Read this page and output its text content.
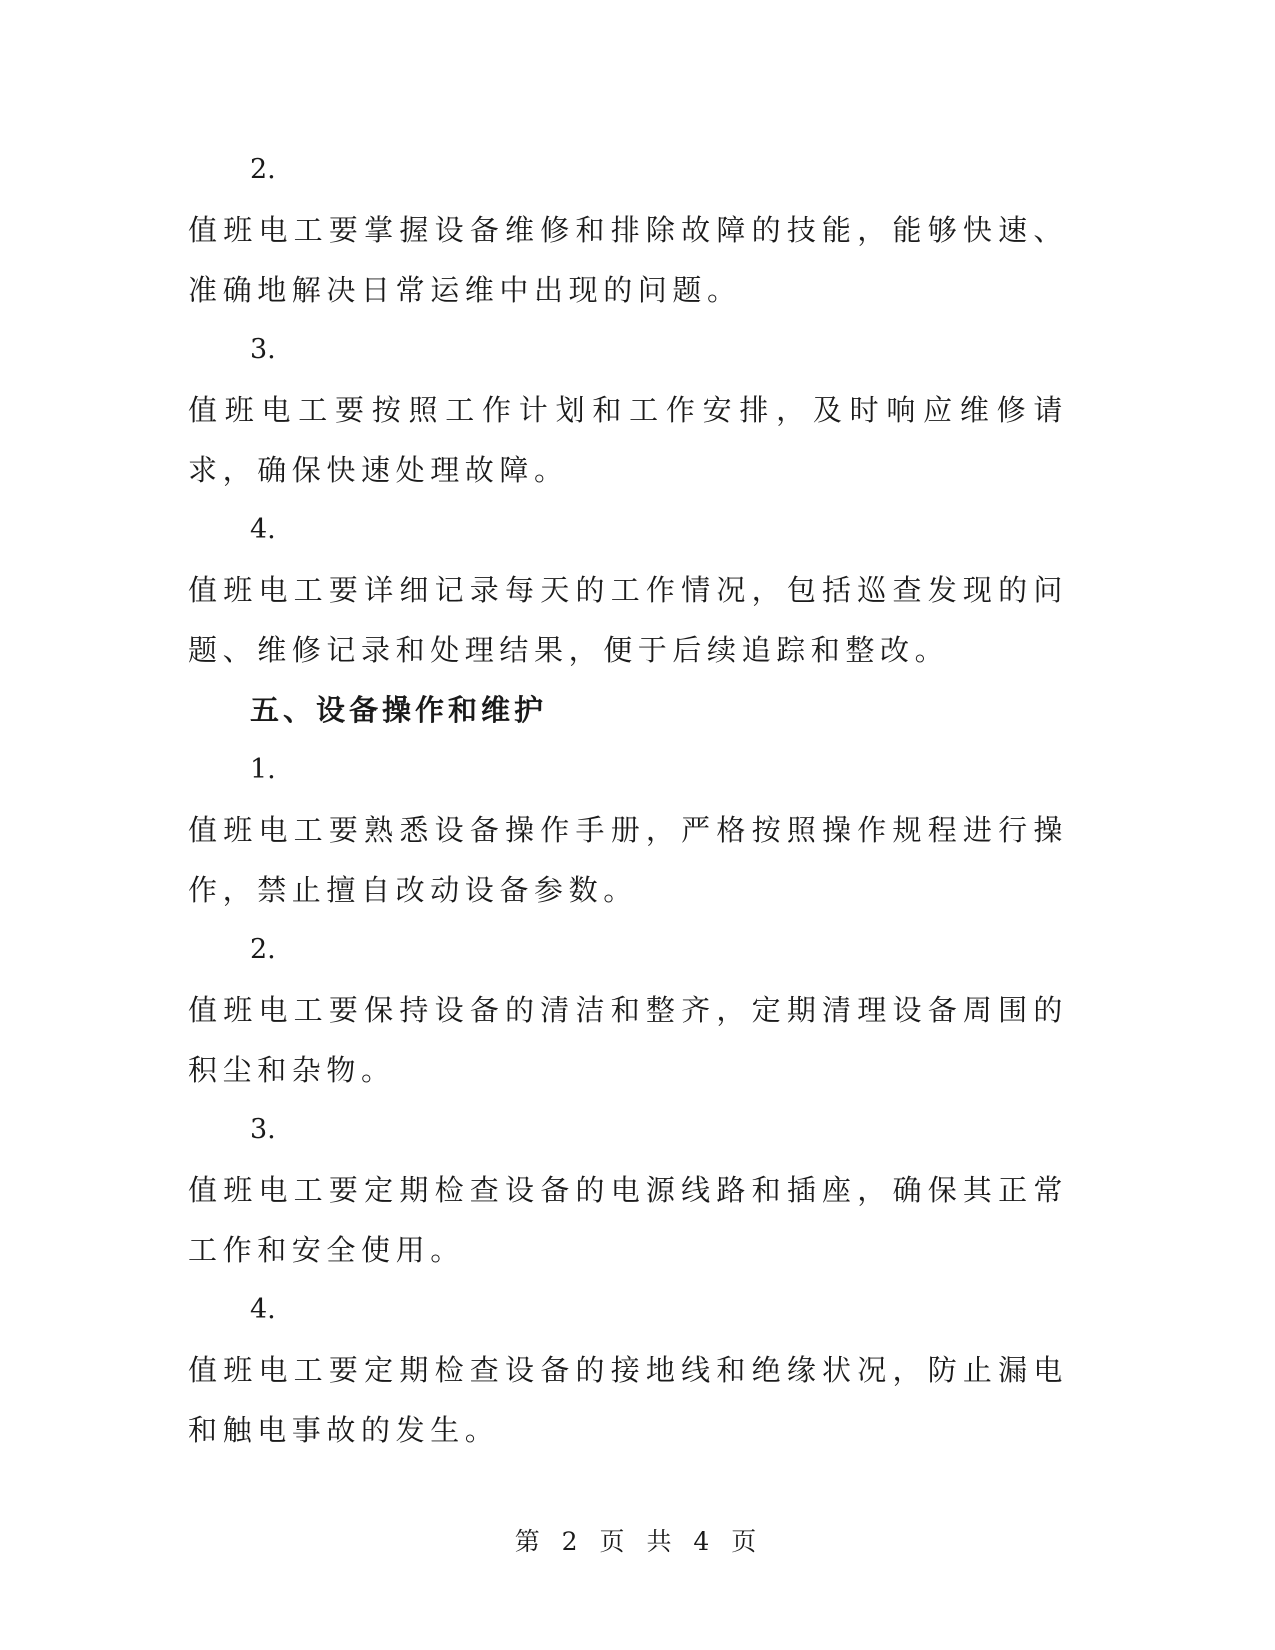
2.

值班电工要掌握设备维修和排除故障的技能，能够快速、准确地解决日常运维中出现的问题。

3.

值班电工要按照工作计划和工作安排，及时响应维修请求，确保快速处理故障。

4.

值班电工要详细记录每天的工作情况，包括巡查发现的问题、维修记录和处理结果，便于后续追踪和整改。

五、设备操作和维护

1.

值班电工要熟悉设备操作手册，严格按照操作规程进行操作，禁止擅自改动设备参数。

2.

值班电工要保持设备的清洁和整齐，定期清理设备周围的积尘和杂物。

3.

值班电工要定期检查设备的电源线路和插座，确保其正常工作和安全使用。

4.

值班电工要定期检查设备的接地线和绝缘状况，防止漏电和触电事故的发生。

第 2 页 共 4 页
